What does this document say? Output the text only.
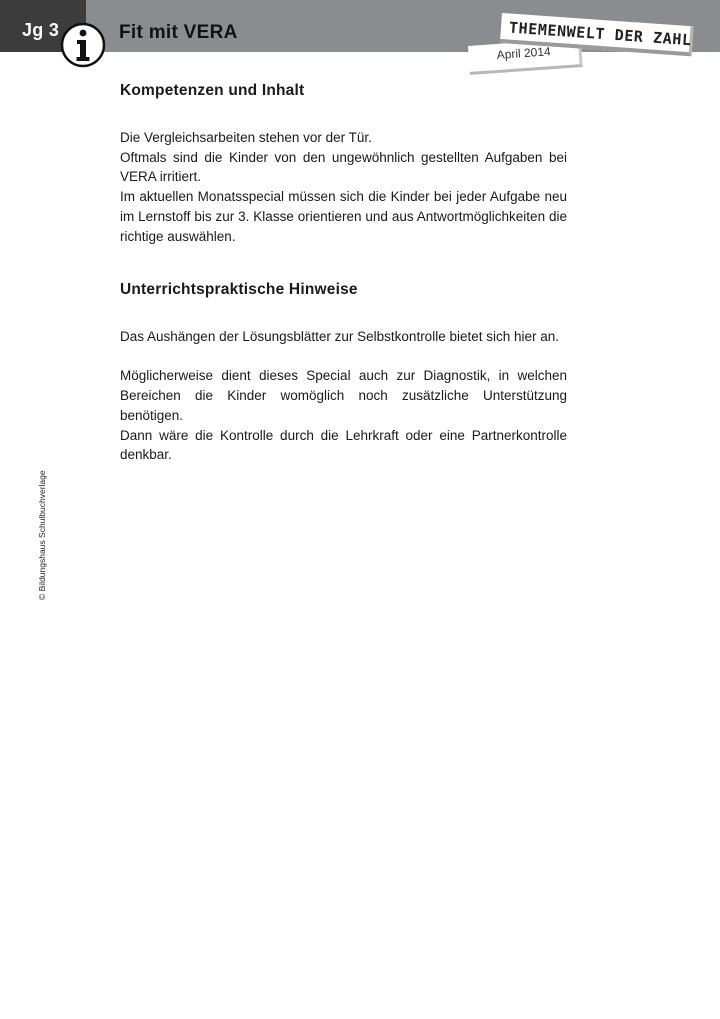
Jg 3	Fit mit VERA
April 2014
THEMENWELT DER ZAHL
Kompetenzen und Inhalt

Die Vergleichsarbeiten stehen vor der Tür.

Oftmals sind die Kinder von den ungewöhnlich gestellten Aufgaben bei VERA irritiert.

Im aktuellen Monatsspecial müssen sich die Kinder bei jeder Aufgabe neu im Lernstoff bis zur 3. Klasse orientieren und aus Antwortmöglichkeiten die richtige auswählen.

Unterrichtspraktische Hinweise

Das Aushängen der Lösungsblätter zur Selbstkontrolle bietet sich hier an.

Möglicherweise dient dieses Special auch zur Diagnostik, in welchen Bereichen die Kinder womöglich noch zusätzliche Unterstützung benötigen.

Dann wäre die Kontrolle durch die Lehrkraft oder eine Partnerkontrolle denkbar.

© Bildungshaus Schulbuchverlage
